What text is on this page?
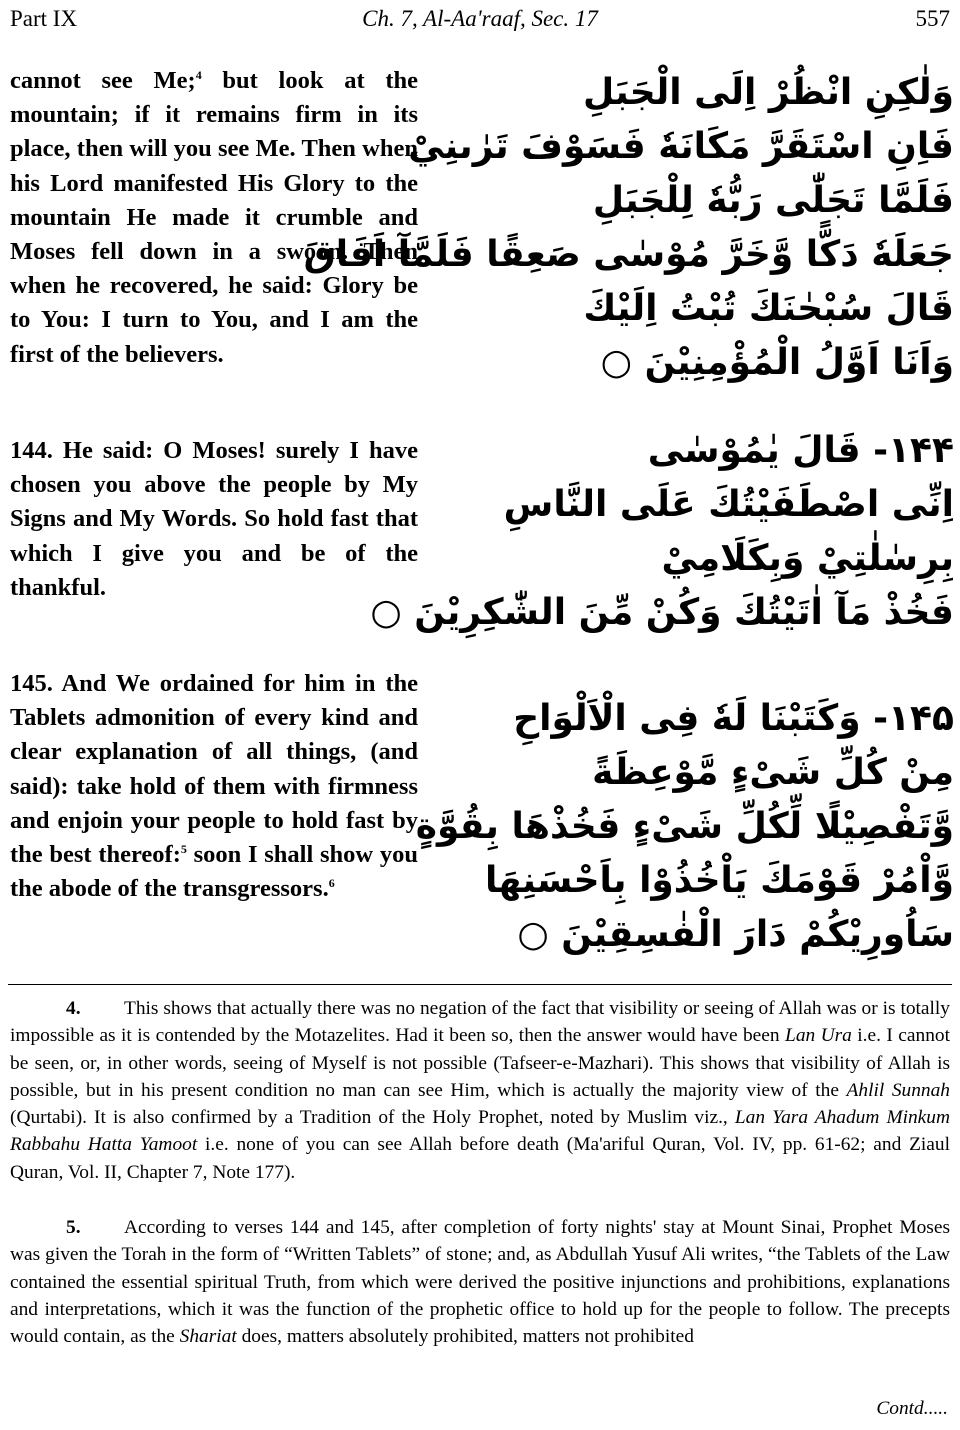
Part IX	Ch. 7, Al-Aa'raaf, Sec. 17	557
cannot see Me;$^4$ but look at the mountain; if it remains firm in its place, then will you see Me. Then when his Lord manifested His Glory to the mountain He made it crumble and Moses fell down in a swoon. Then when he recovered, he said: Glory be to You: I turn to You, and I am the first of the believers.
وَلٰكِنِ انْظُرْ اِلَى الْجَبَلِ
فَاِنِ اسْتَقَرَّ مَكَانَهٗ فَسَوْفَ تَرٰىنِيْ
فَلَمَّا تَجَلّٰى رَبُّهٗ لِلْجَبَلِ
جَعَلَهٗ دَكًّا وَّخَرَّ مُوْسٰى صَعِقًا فَلَمَّآ اَفَاقَ
قَالَ سُبْحٰنَكَ تُبْتُ اِلَيْكَ
وَاَنَا اَوَّلُ الْمُؤْمِنِيْنَ ○
144. He said: O Moses! surely I have chosen you above the people by My Signs and My Words. So hold fast that which I give you and be of the thankful.
۱۴۴- قَالَ يٰمُوْسٰى
اِنِّى اصْطَفَيْتُكَ عَلَى النَّاسِ
بِرِسٰلٰتِيْ وَبِكَلَامِيْ
فَخُذْ مَآ اٰتَيْتُكَ وَكُنْ مِّنَ الشّٰكِرِيْنَ ○
145. And We ordained for him in the Tablets admonition of every kind and clear explanation of all things, (and said): take hold of them with firmness and enjoin your people to hold fast by the best thereof:$^5$ soon I shall show you the abode of the transgressors.$^6$
۱۴۵- وَكَتَبْنَا لَهٗ فِى الْاَلْوَاحِ
مِنْ كُلِّ شَىْءٍ مَّوْعِظَةً
وَّتَفْصِيْلًا لِّكُلِّ شَىْءٍ فَخُذْهَا بِقُوَّةٍ
وَّاْمُرْ قَوْمَكَ يَاْخُذُوْا بِاَحْسَنِهَا
سَاُورِيْكُمْ دَارَ الْفٰسِقِيْنَ ○
4. This shows that actually there was no negation of the fact that visibility or seeing of Allah was or is totally impossible as it is contended by the Motazelites. Had it been so, then the answer would have been Lan Ura i.e. I cannot be seen, or, in other words, seeing of Myself is not possible (Tafseer-e-Mazhari). This shows that visibility of Allah is possible, but in his present condition no man can see Him, which is actually the majority view of the Ahlil Sunnah (Qurtabi). It is also confirmed by a Tradition of the Holy Prophet, noted by Muslim viz., Lan Yara Ahadum Minkum Rabbahu Hatta Yamoot i.e. none of you can see Allah before death (Ma'ariful Quran, Vol. IV, pp. 61-62; and Ziaul Quran, Vol. II, Chapter 7, Note 177).
5. According to verses 144 and 145, after completion of forty nights' stay at Mount Sinai, Prophet Moses was given the Torah in the form of “Written Tablets” of stone; and, as Abdullah Yusuf Ali writes, “the Tablets of the Law contained the essential spiritual Truth, from which were derived the positive injunctions and prohibitions, explanations and interpretations, which it was the function of the prophetic office to hold up for the people to follow. The precepts would contain, as the Shariat does, matters absolutely prohibited, matters not prohibited
Contd.....
